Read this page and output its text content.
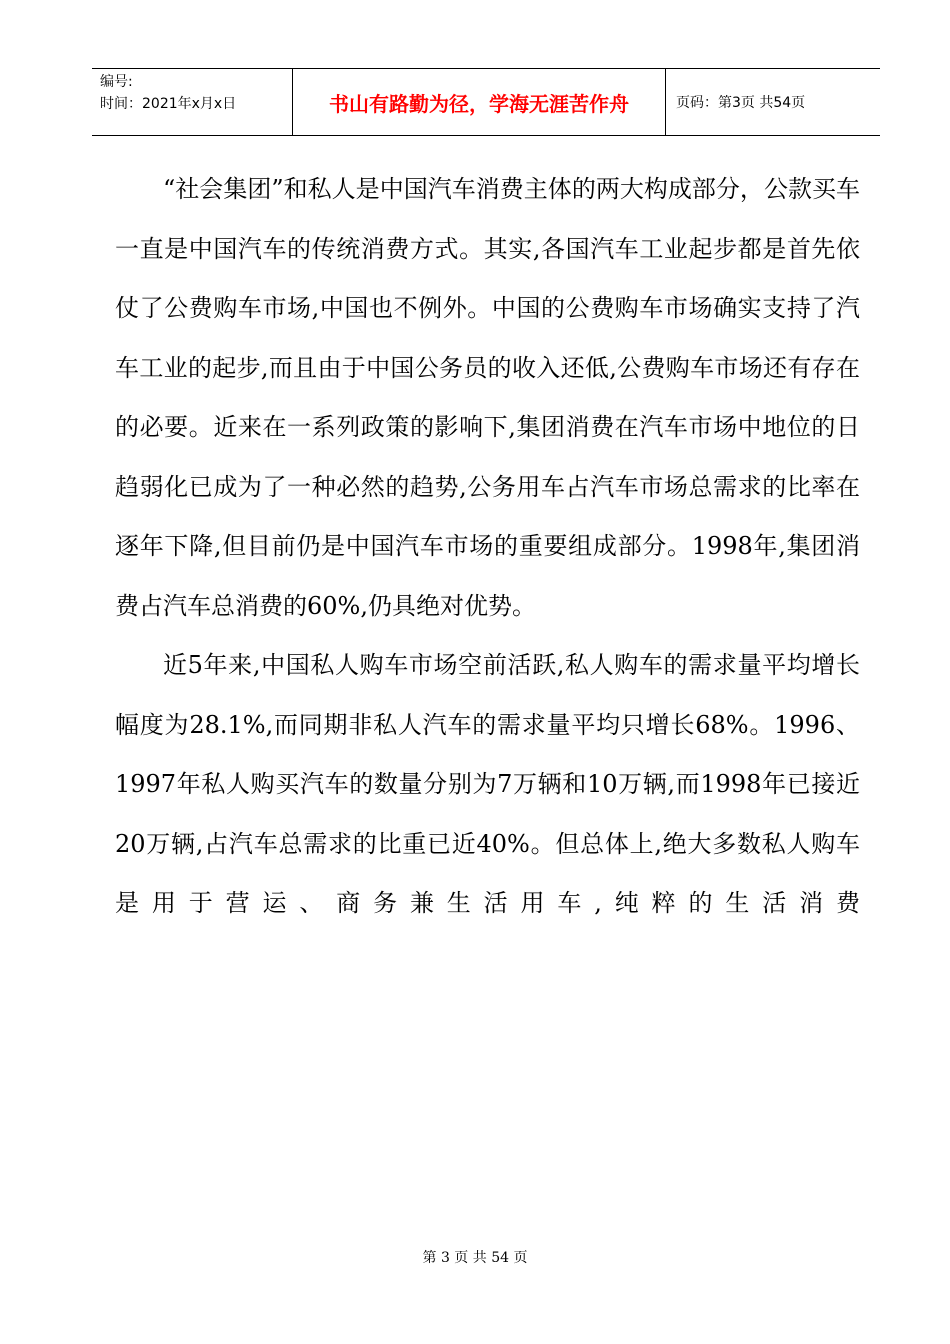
编号:
时间：2021年x月x日	书山有路勤为径，学海无涯苦作舟	页码：第3页 共54页

“社会集团”和私人是中国汽车消费主体的两大构成部分，公款买车一直是中国汽车的传统消费方式。其实,各国汽车工业起步都是首先依仗了公费购车市场,中国也不例外。中国的公费购车市场确实支持了汽车工业的起步,而且由于中国公务员的收入还低,公费购车市场还有存在的必要。近来在一系列政策的影响下,集团消费在汽车市场中地位的日趋弱化已成为了一种必然的趋势,公务用车占汽车市场总需求的比率在逐年下降,但目前仍是中国汽车市场的重要组成部分。1998年,集团消费占汽车总消费的60%,仍具绝对优势。

近5年来,中国私人购车市场空前活跃,私人购车的需求量平均增长幅度为28.1%,而同期非私人汽车的需求量平均只增长68%。1996、1997年私人购买汽车的数量分别为7万辆和10万辆,而1998年已接近20万辆,占汽车总需求的比重已近40%。但总体上,绝大多数私人购车是用于营运、商务兼生活用车,纯粹的生活消费

第 3 页 共 54 页
